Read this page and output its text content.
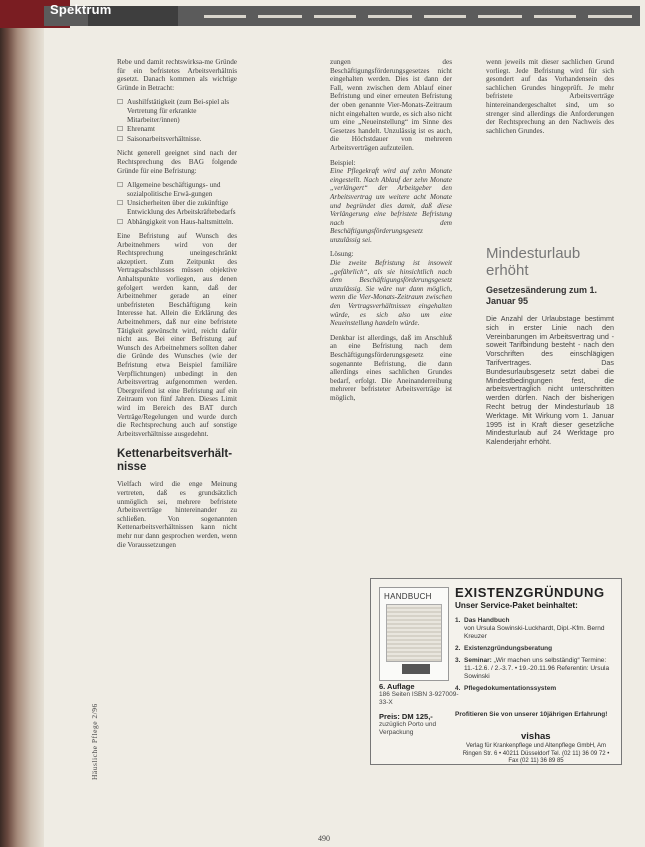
Spektrum
Häusliche Pflege 2/96

Rebe und damit rechtswirksa-me Gründe für ein befristetes Arbeitsverhältnis gesetzt. Danach kommen als wichtige Gründe in Betracht:

☐ Aushilfstätigkeit (zum Bei-spiel als Vertretung für erkrankte Mitarbeiter/innen)
☐ Ehrenamt
☐ Saisonarbeitsverhältnisse.

Nicht generell geeignet sind nach der Rechtsprechung des BAG folgende Gründe für eine Befristung:

☐ Allgemeine beschäftigungs- und sozialpolitische Erwä-gungen
☐ Unsicherheiten über die zukünftige Entwicklung des Arbeitskräftebedarfs
☐ Abhängigkeit von Haus-haltsmitteln.

Eine Befristung auf Wunsch des Arbeitnehmers wird von der Rechtsprechung uneingeschränkt akzeptiert. Zum Zeitpunkt des Vertragsabschlusses müssen objektive Anhaltspunkte vorliegen, aus denen gefolgert werden kann, daß der Arbeitnehmer gerade an einer unbefristeten Beschäftigung kein Interesse hat. Allein die Erklärung des Arbeitnehmers, daß nur eine befristete Tätigkeit gewünscht wird, reicht dafür nicht aus. Bei einer Befristung auf Wunsch des Arbeitnehmers sollten daher die Gründe des Wunsches (wie der Befristung etwa Beispiel familiäre Verpflichtungen) unbedingt in den Arbeitsvertrag aufgenommen werden. Übergreifend ist eine Befristung auf ein Zeitraum von fünf Jahren. Dieses Limit wird im Bereich des BAT durch Verträge/Regelungen und wurde durch die Rechtsprechung auch auf sonstige Arbeitsverhältnisse ausgedehnt.

Kettenarbeitsverhält-nisse

Vielfach wird die enge Meinung vertreten, daß es grundsätzlich unmöglich sei, mehrere befristete Arbeitsverträge hintereinander zu schließen. Von sogenannten Kettenarbeitsverhältnissen kann nicht mehr nur dann gesprochen werden, wenn die Voraussetzungen

zungen des Beschäftigungsförderungsgesetzes nicht eingehalten werden. Dies ist dann der Fall, wenn zwischen dem Ablauf einer Befristung und einer erneuten Befristung der oben genannte Vier-Monats-Zeitraum nicht eingehalten wurde, es sich also nicht um eine „Neueinstellung“ im Sinne des Gesetzes handelt. Unzulässig ist es auch, die Höchstdauer von mehreren Arbeitsverträgen aufzuteilen.

Beispiel:

Eine Pflegekraft wird auf zehn Monate eingestellt. Nach Ablauf der zehn Monate „verlängert“ der Arbeitgeber den Arbeitsvertrag um weitere acht Monate und begründet dies damit, daß diese Verlängerung eine befristete Befristung nach dem Beschäftigungsförderungsgesetz unzulässig sei.

Lösung:

Die zweite Befristung ist insoweit „gefährlich“, als sie hinsichtlich nach dem Beschäftigungsförderungsgesetz unzulässig. Sie wäre nur dann möglich, wenn die Vier-Monats-Zeitraum zwischen den Vertragsverhältnissen eingehalten würde, es sich also um eine Neueinstellung handeln würde.

Denkbar ist allerdings, daß im Anschluß an eine Befristung nach dem Beschäftigungsförderungsgesetz eine sogenannte Befristung, die dann allerdings eines sachlichen Grundes bedarf, erfolgt. Die Aneinanderreihung mehrerer befristeter Arbeitsverträge ist möglich,

wenn jeweils mit dieser sachlichen Grund vorliegt. Jede Befristung wird für sich gesondert auf das Vorhandensein des sachlichen Grundes hingeprüft. Je mehr befristete Arbeitsverträge hintereinandergeschaltet sind, um so strenger sind allerdings die Anforderungen der Rechtsprechung an den Nachweis des sachlichen Grundes.

Mindesturlaub erhöht
Gesetzesänderung zum 1. Januar 95
Die Anzahl der Urlaubstage bestimmt sich in erster Linie nach den Vereinbarungen im Arbeitsvertrag und - soweit Tarifbindung besteht - nach den Vorschriften des einschlägigen Tarifvertrages. Das Bundesurlaubsgesetz setzt dabei die Mindestbedingungen fest, die arbeitsvertraglich nicht unterschritten werden dürfen. Nach der bisherigen Recht betrug der Mindesturlaub 18 Werktage. Mit Wirkung vom 1. Januar 1995 ist in Kraft dieser gesetzliche Mindesturlaub auf 24 Werktage pro Kalenderjahr erhöht.
HANDBUCH
6. Auflage
186 Seiten ISBN 3-927009-33-X
Preis: DM 125,-
zuzüglich Porto und Verpackung
EXISTENZGRÜNDUNG
Unser Service-Paket beinhaltet:
1. Das Handbuch
von Ursula Sowinski-Luckhardt, Dipl.-Kfm. Bernd Kreuzer
2. Existenzgründungsberatung
3. Seminar: „Wir machen uns selbständig“ Termine: 11.-12.6. / 2.-3.7. • 19.-20.11.96 Referentin: Ursula Sowinski
4. Pflegedokumentationssystem
Profitieren Sie von unserer 10jährigen Erfahrung!
vishas
Verlag für Krankenpflege und Altenpflege GmbH, Am Ringen Str. 6 • 40211 Düsseldorf Tel. (02 11) 36 09 72 • Fax (02 11) 36 89 85
490
